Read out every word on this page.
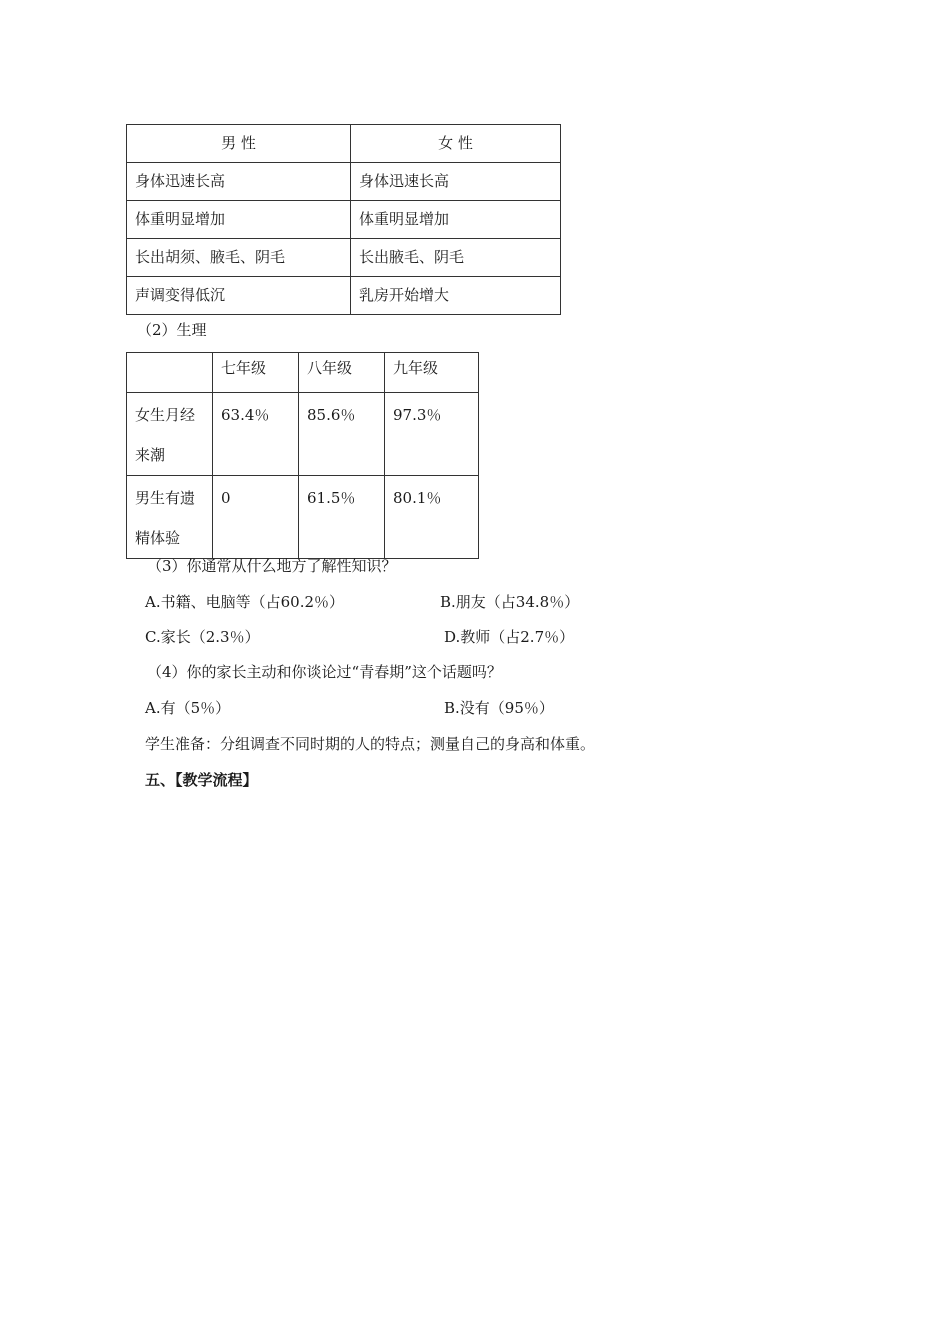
男 性	女 性
身体迅速长高	身体迅速长高
体重明显增加	体重明显增加
长出胡须、腋毛、阴毛	长出腋毛、阴毛
声调变得低沉	乳房开始增大
（2）生理
	七年级	八年级	九年级

女生月经
来潮	63.4％	85.6％	97.3％

男生有遗
精体验	0	61.5％	80.1％
（3）你通常从什么地方了解性知识？
A.书籍、电脑等（占60.2％）	B.朋友（占34.8％）
C.家长（2.3％）	D.教师（占2.7％）
（4）你的家长主动和你谈论过“青春期”这个话题吗？
A.有（5％）	B.没有（95％）
学生准备：分组调查不同时期的人的特点；测量自己的身高和体重。
五、【教学流程】
